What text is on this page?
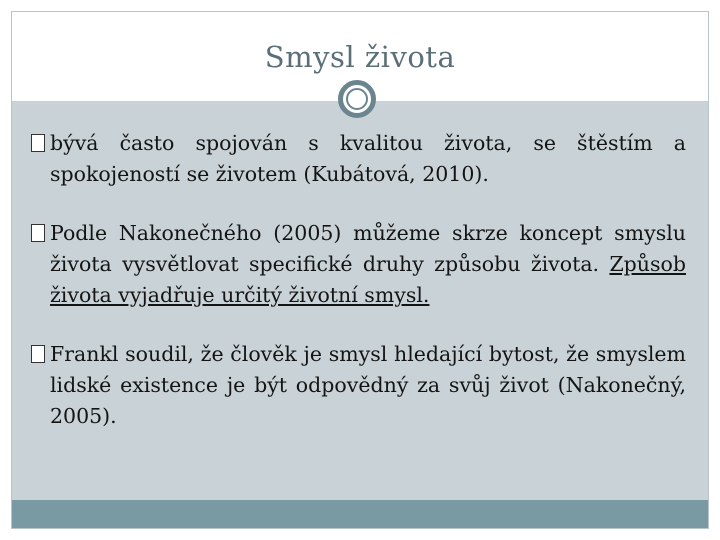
Smysl života
bývá často spojován s kvalitou života, se štěstím a spokojeností se životem (Kubátová, 2010).
Podle Nakonečného (2005) můžeme skrze koncept smyslu života vysvětlovat specifické druhy způsobu života. Způsob života vyjadřuje určitý životní smysl.
Frankl soudil, že člověk je smysl hledající bytost, že smyslem lidské existence je být odpovědný za svůj život (Nakonečný, 2005).
